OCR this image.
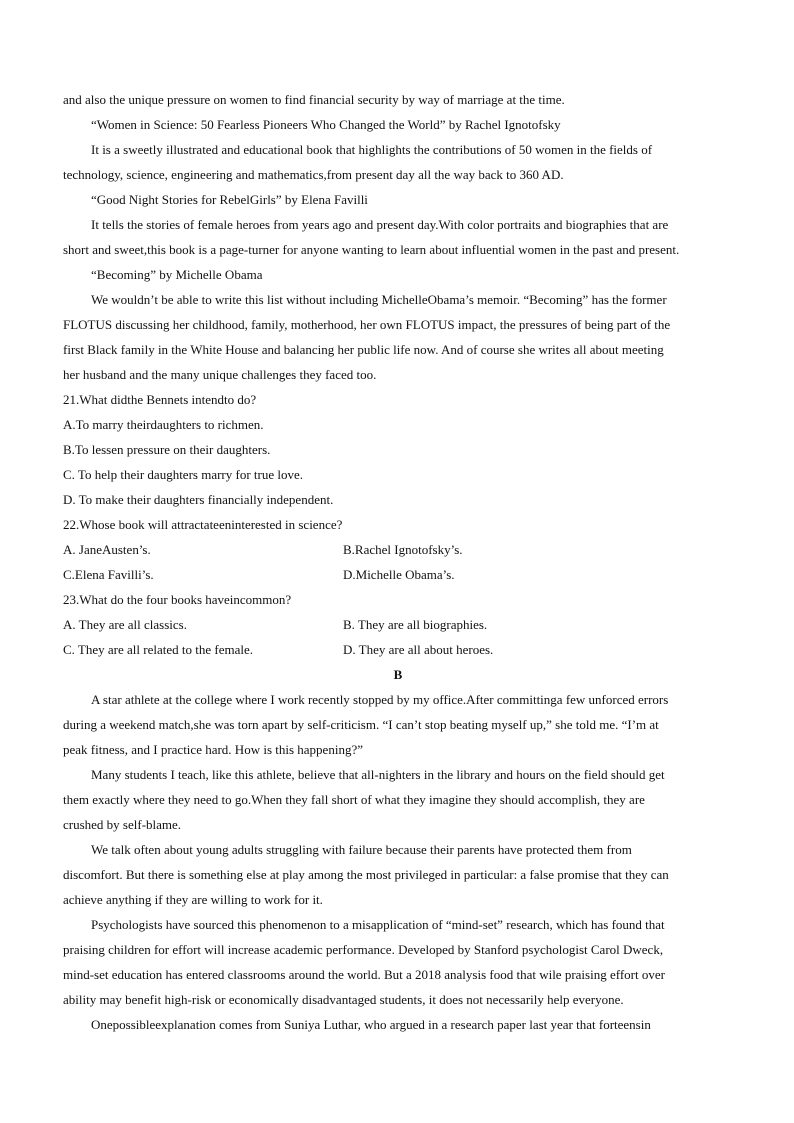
and also the unique pressure on women to find financial security by way of marriage at the time.
“Women in Science: 50 Fearless Pioneers Who Changed the World” by Rachel Ignotofsky
It is a sweetly illustrated and educational book that highlights the contributions of 50 women in the fields of
technology, science, engineering and mathematics,from present day all the way back to 360 AD.
“Good Night Stories for RebelGirls” by Elena Favilli
It tells the stories of female heroes from years ago and present day.With color portraits and biographies that are
short and sweet,this book is a page-turner for anyone wanting to learn about influential women in the past and present.
“Becoming” by Michelle Obama
We wouldn’t be able to write this list without including MichelleObama’s memoir. “Becoming” has the former
FLOTUS discussing her childhood, family, motherhood, her own FLOTUS impact, the pressures of being part of the
first Black family in the White House and balancing her public life now. And of course she writes all about meeting
her husband and the many unique challenges they faced too.
21.What didthe Bennets intendto do?
A.To marry theirdaughters to richmen.
B.To lessen pressure on their daughters.
C. To help their daughters marry for true love.
D. To make their daughters financially independent.
22.Whose book will attractateeninterested in science?
A. JaneAusten’s.	B.Rachel Ignotofsky’s.
C.Elena Favilli’s.	D.Michelle Obama’s.
23.What do the four books haveincommon?
A. They are all classics.	B. They are all biographies.
C. They are all related to the female.	D. They are all about heroes.
B
A star athlete at the college where I work recently stopped by my office.After committinga few unforced errors
during a weekend match,she was torn apart by self-criticism. “I can’t stop beating myself up,” she told me. “I’m at
peak fitness, and I practice hard. How is this happening?”
Many students I teach, like this athlete, believe that all-nighters in the library and hours on the field should get
them exactly where they need to go.When they fall short of what they imagine they should accomplish, they are
crushed by self-blame.
We talk often about young adults struggling with failure because their parents have protected them from
discomfort. But there is something else at play among the most privileged in particular: a false promise that they can
achieve anything if they are willing to work for it.
Psychologists have sourced this phenomenon to a misapplication of “mind-set” research, which has found that
praising children for effort will increase academic performance. Developed by Stanford psychologist Carol Dweck,
mind-set education has entered classrooms around the world. But a 2018 analysis food that wile praising effort over
ability may benefit high-risk or economically disadvantaged students, it does not necessarily help everyone.
Onepossibleexplanation comes from Suniya Luthar, who argued in a research paper last year that forteensin
